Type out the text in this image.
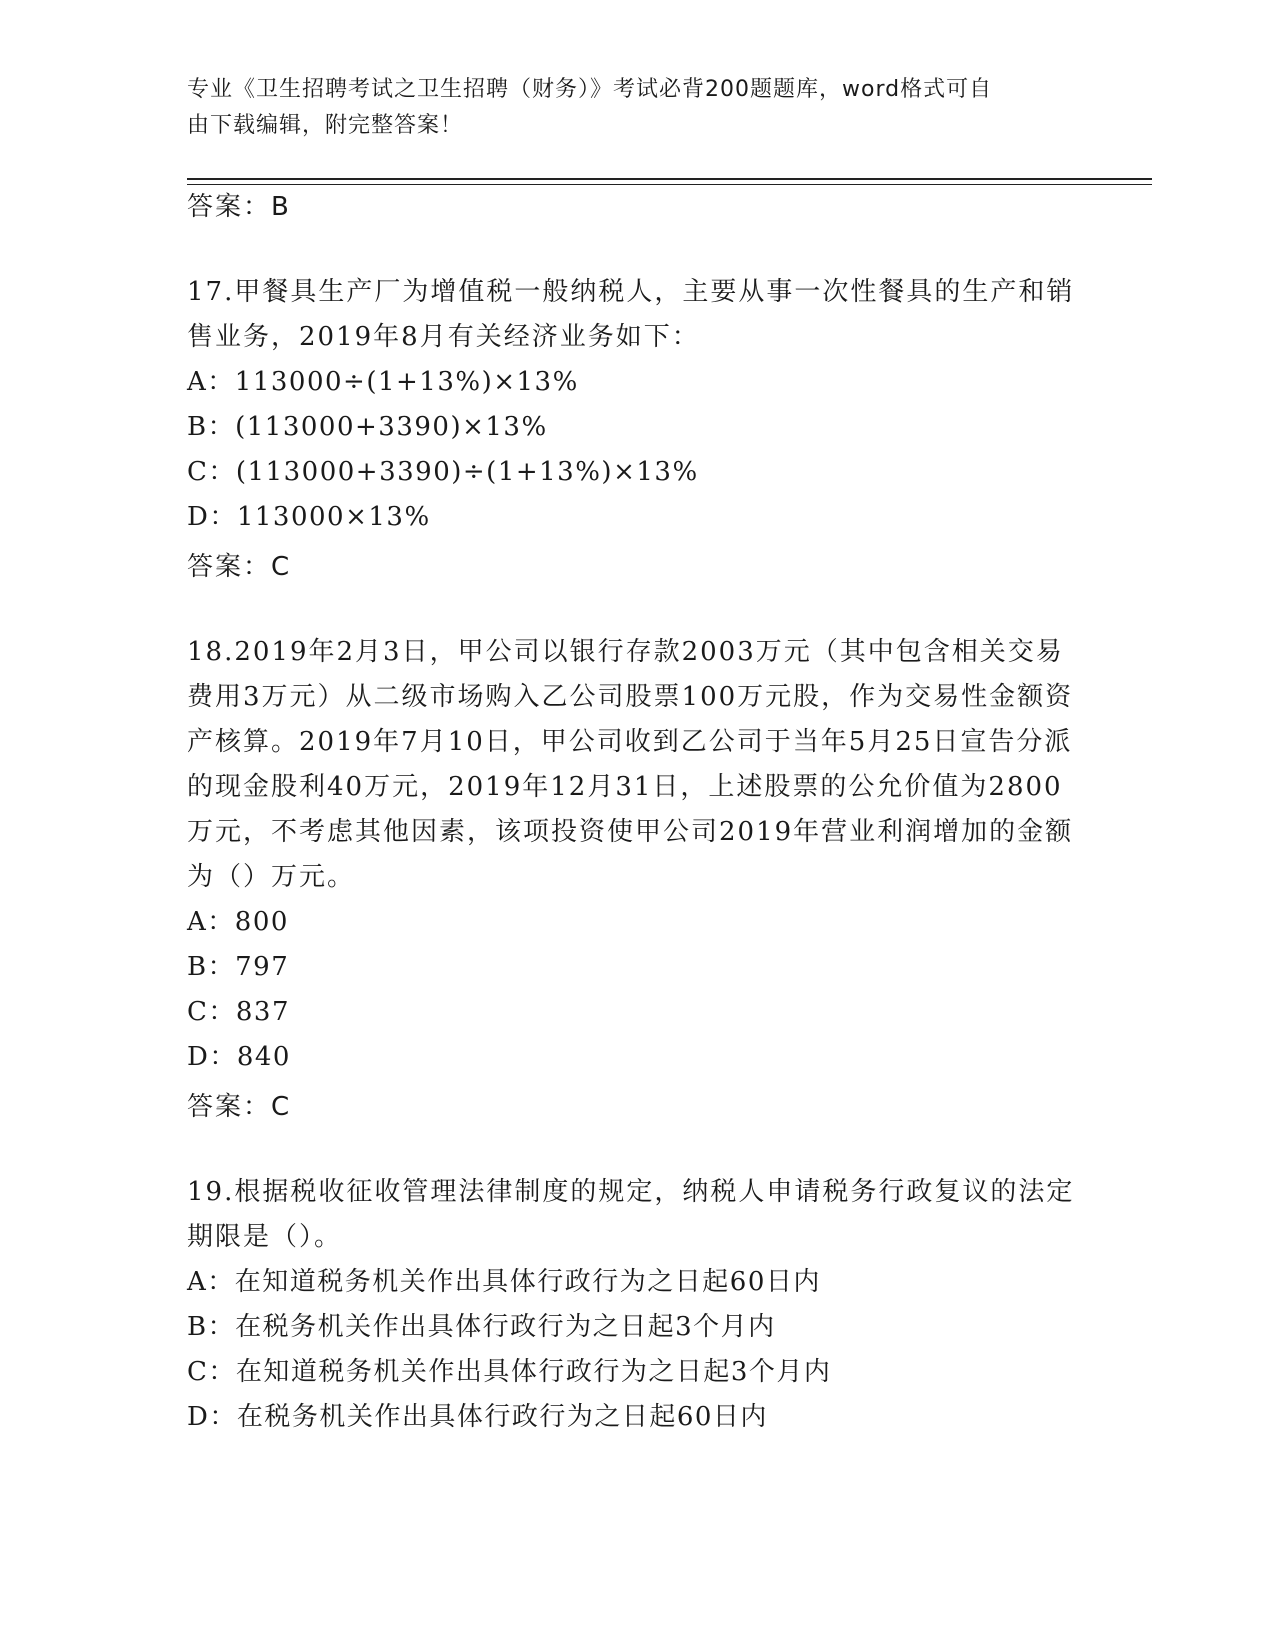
专业《卫生招聘考试之卫生招聘（财务）》考试必背200题题库，word格式可自
由下载编辑，附完整答案！
答案：B
17.甲餐具生产厂为增值税一般纳税人，主要从事一次性餐具的生产和销售业务，2019年8月有关经济业务如下：
A：113000÷(1+13%)×13%
B：(113000+3390)×13%
C：(113000+3390)÷(1+13%)×13%
D：113000×13%
答案：C
18.2019年2月3日，甲公司以银行存款2003万元（其中包含相关交易费用3万元）从二级市场购入乙公司股票100万元股，作为交易性金额资产核算。2019年7月10日，甲公司收到乙公司于当年5月25日宣告分派的现金股利40万元，2019年12月31日，上述股票的公允价值为2800万元，不考虑其他因素，该项投资使甲公司2019年营业利润增加的金额为（）万元。
A：800
B：797
C：837
D：840
答案：C
19.根据税收征收管理法律制度的规定，纳税人申请税务行政复议的法定期限是（）。
A：在知道税务机关作出具体行政行为之日起60日内
B：在税务机关作出具体行政行为之日起3个月内
C：在知道税务机关作出具体行政行为之日起3个月内
D：在税务机关作出具体行政行为之日起60日内
